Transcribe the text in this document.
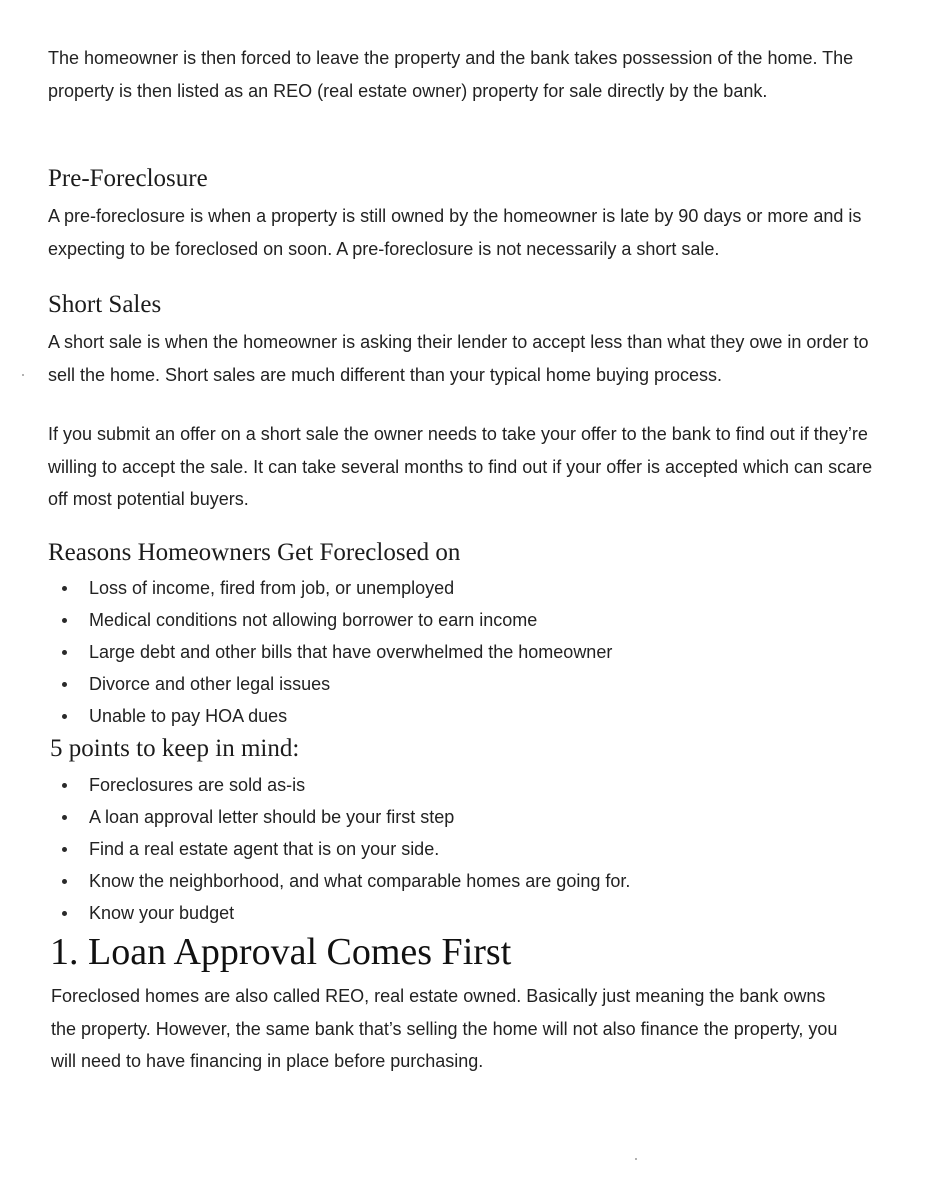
The homeowner is then forced to leave the property and the bank takes possession of the home. The property is then listed as an REO (real estate owner) property for sale directly by the bank.

Pre-Foreclosure

A pre-foreclosure is when a property is still owned by the homeowner is late by 90 days or more and is expecting to be foreclosed on soon. A pre-foreclosure is not necessarily a short sale.

Short Sales

A short sale is when the homeowner is asking their lender to accept less than what they owe in order to sell the home. Short sales are much different than your typical home buying process.

If you submit an offer on a short sale the owner needs to take your offer to the bank to find out if they’re willing to accept the sale. It can take several months to find out if your offer is accepted which can scare off most potential buyers.

Reasons Homeowners Get Foreclosed on
Loss of income, fired from job, or unemployed
Medical conditions not allowing borrower to earn income
Large debt and other bills that have overwhelmed the homeowner
Divorce and other legal issues
Unable to pay HOA dues
5 points to keep in mind:
Foreclosures are sold as-is
A loan approval letter should be your first step
Find a real estate agent that is on your side.
Know the neighborhood, and what comparable homes are going for.
Know your budget
1. Loan Approval Comes First

Foreclosed homes are also called REO, real estate owned. Basically just meaning the bank owns the property. However, the same bank that’s selling the home will not also finance the property, you will need to have financing in place before purchasing.
